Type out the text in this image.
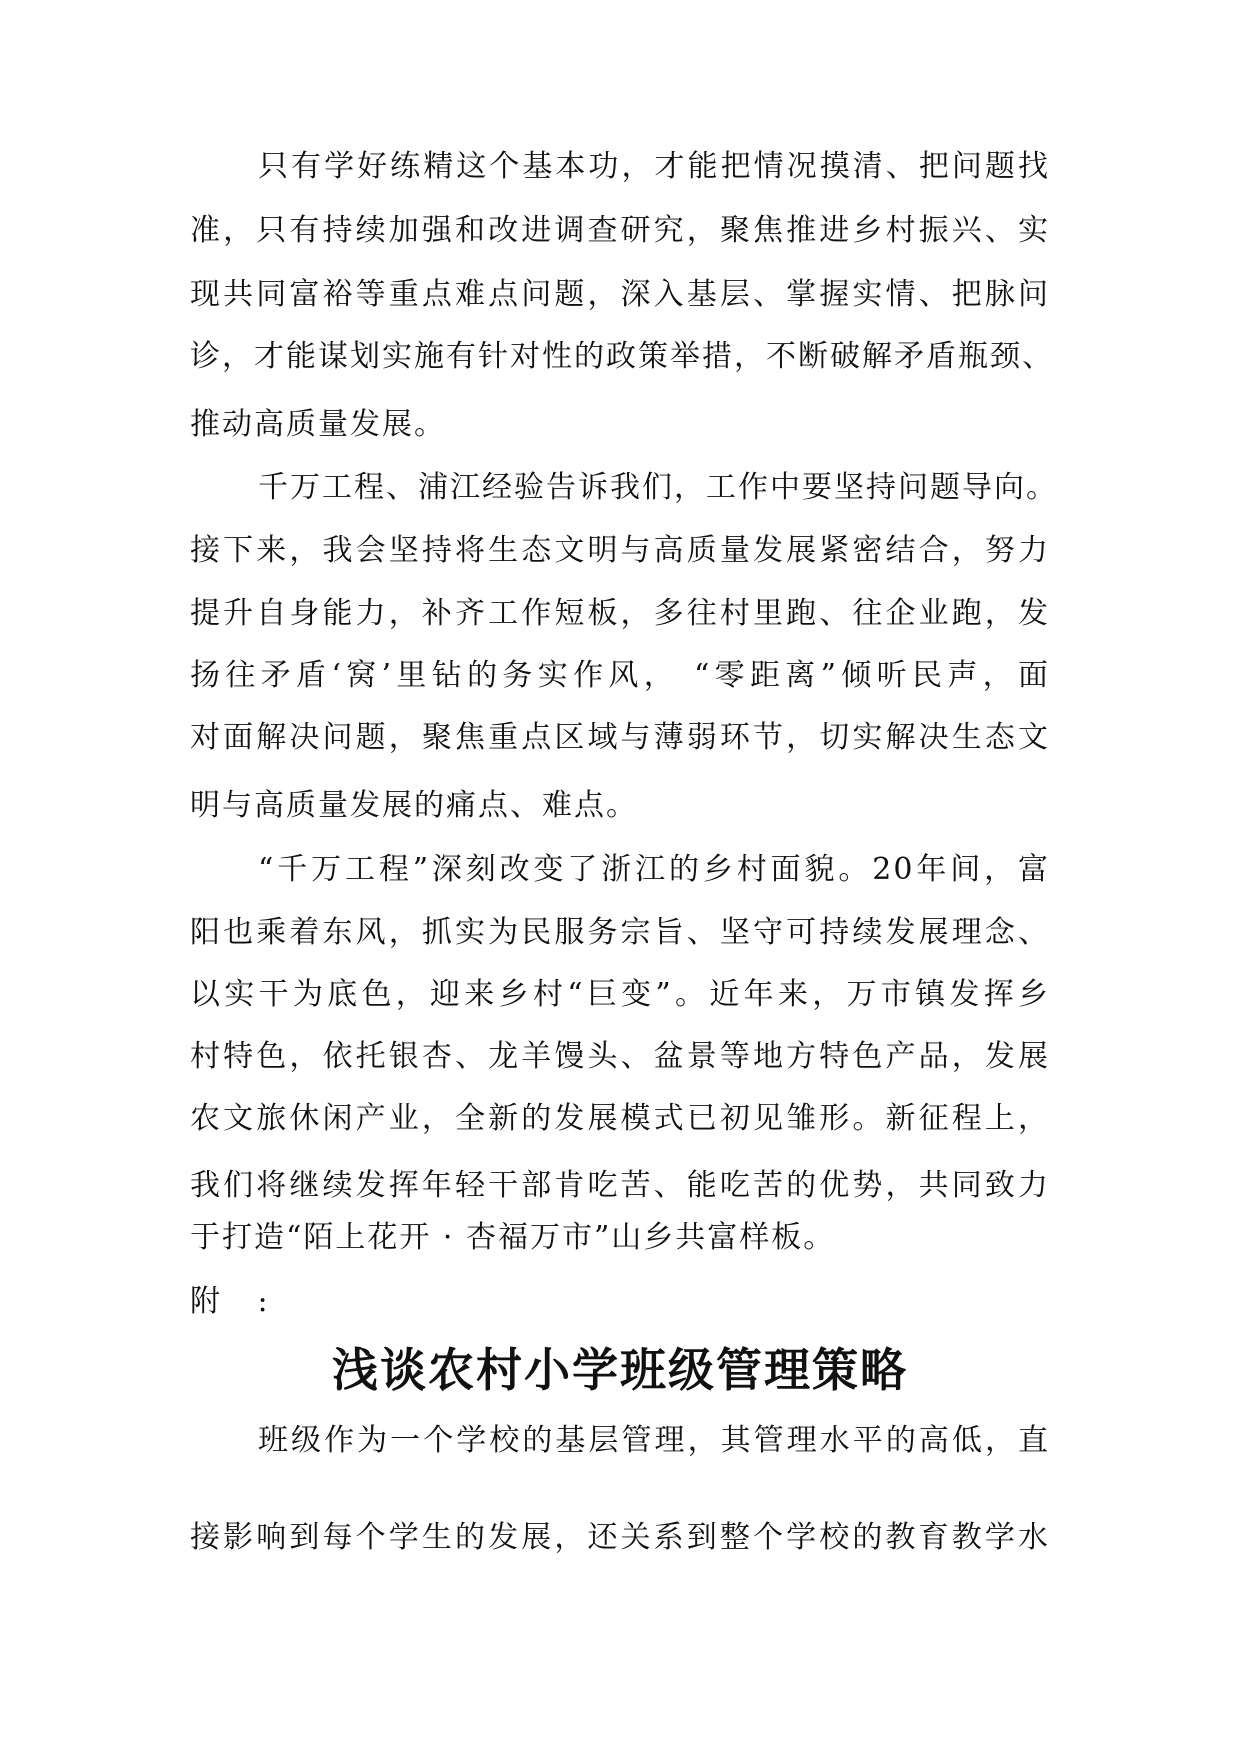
只有学好练精这个基本功，才能把情况摸清、把问题找
准，只有持续加强和改进调查研究，聚焦推进乡村振兴、实
现共同富裕等重点难点问题，深入基层、掌握实情、把脉问
诊，才能谋划实施有针对性的政策举措，不断破解矛盾瓶颈、
推动高质量发展。
千万工程、浦江经验告诉我们，工作中要坚持问题导向。
接下来，我会坚持将生态文明与高质量发展紧密结合，努力
提升自身能力，补齐工作短板，多往村里跑、往企业跑，发
扬往矛盾‘窝’里钻的务实作风， “零距离”倾听民声，面
对面解决问题，聚焦重点区域与薄弱环节，切实解决生态文
明与高质量发展的痛点、难点。
“千万工程”深刻改变了浙江的乡村面貌。20年间，富
阳也乘着东风，抓实为民服务宗旨、坚守可持续发展理念、
以实干为底色，迎来乡村“巨变”。近年来，万市镇发挥乡
村特色，依托银杏、龙羊馒头、盆景等地方特色产品，发展
农文旅休闲产业，全新的发展模式已初见雏形。新征程上，
我们将继续发挥年轻干部肯吃苦、能吃苦的优势，共同致力
于打造“陌上花开 · 杏福万市”山乡共富样板。
附 :
浅谈农村小学班级管理策略
班级作为一个学校的基层管理，其管理水平的高低，直
接影响到每个学生的发展，还关系到整个学校的教育教学水
